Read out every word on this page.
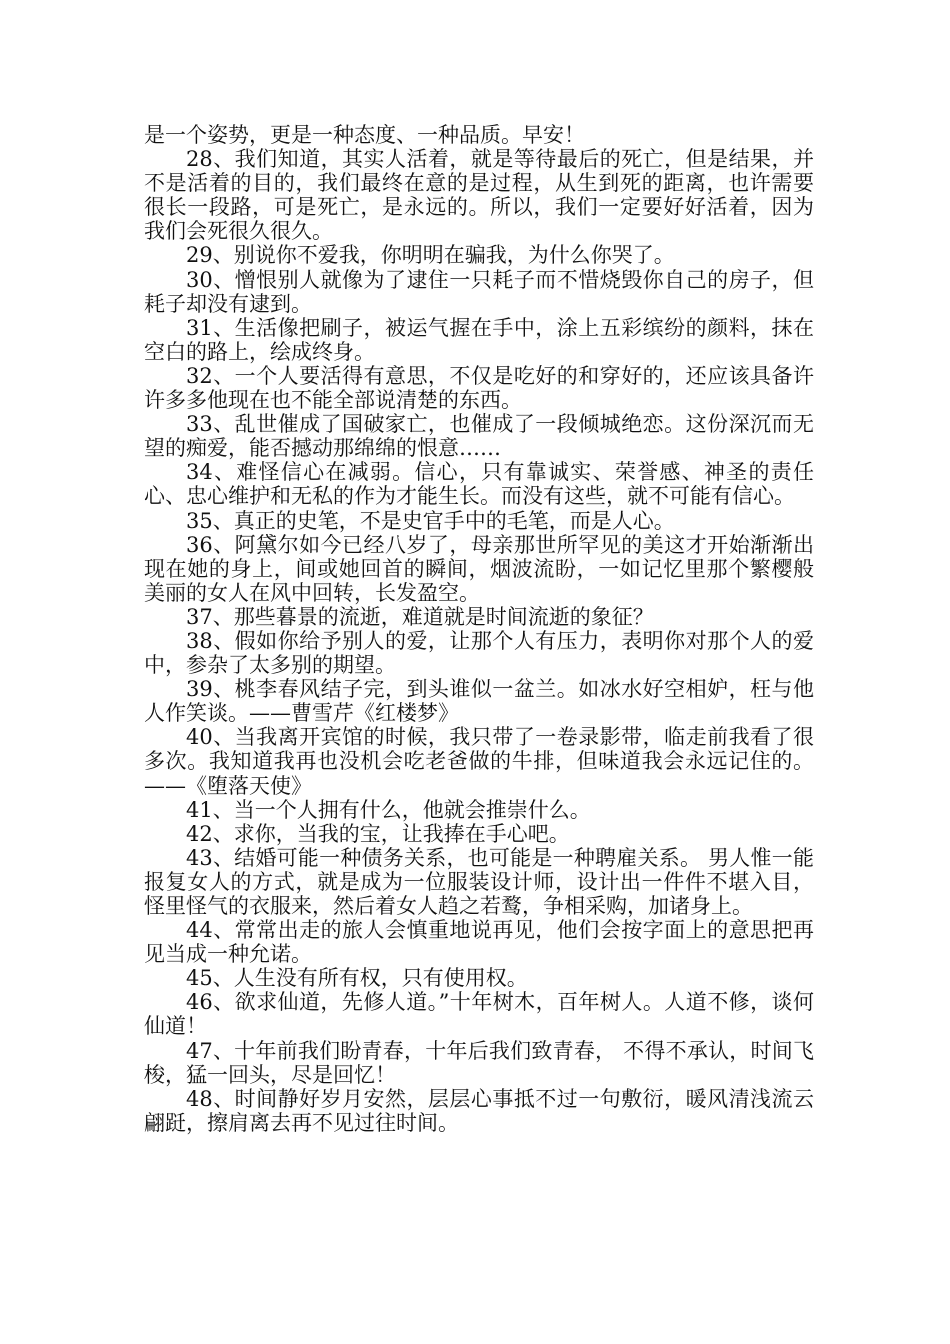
是一个姿势，更是一种态度、一种品质。早安！

28、我们知道，其实人活着，就是等待最后的死亡，但是结果，并不是活着的目的，我们最终在意的是过程，从生到死的距离，也许需要很长一段路，可是死亡，是永远的。所以，我们一定要好好活着，因为我们会死很久很久。

29、别说你不爱我，你明明在骗我，为什么你哭了。

30、憎恨别人就像为了逮住一只耗子而不惜烧毁你自己的房子，但耗子却没有逮到。

31、生活像把刷子，被运气握在手中，涂上五彩缤纷的颜料，抹在空白的路上，绘成终身。

32、一个人要活得有意思，不仅是吃好的和穿好的，还应该具备许许多多他现在也不能全部说清楚的东西。

33、乱世催成了国破家亡，也催成了一段倾城绝恋。这份深沉而无望的痴爱，能否撼动那绵绵的恨意……

34、难怪信心在减弱。信心，只有靠诚实、荣誉感、神圣的责任心、忠心维护和无私的作为才能生长。而没有这些，就不可能有信心。

35、真正的史笔，不是史官手中的毛笔，而是人心。

36、阿黛尔如今已经八岁了，母亲那世所罕见的美这才开始渐渐出现在她的身上，间或她回首的瞬间，烟波流盼，一如记忆里那个繁樱般美丽的女人在风中回转，长发盈空。

37、那些暮景的流逝，难道就是时间流逝的象征？

38、假如你给予别人的爱，让那个人有压力，表明你对那个人的爱中，参杂了太多别的期望。

39、桃李春风结子完，到头谁似一盆兰。如冰水好空相妒，枉与他人作笑谈。——曹雪芹《红楼梦》

40、当我离开宾馆的时候，我只带了一卷录影带，临走前我看了很多次。我知道我再也没机会吃老爸做的牛排，但味道我会永远记住的。——《堕落天使》

41、当一个人拥有什么，他就会推崇什么。

42、求你，当我的宝，让我捧在手心吧。

43、结婚可能一种债务关系，也可能是一种聘雇关系。 男人惟一能报复女人的方式，就是成为一位服装设计师，设计出一件件不堪入目，怪里怪气的衣服来，然后着女人趋之若鹜，争相采购，加诸身上。

44、常常出走的旅人会慎重地说再见，他们会按字面上的意思把再见当成一种允诺。

45、人生没有所有权，只有使用权。

46、欲求仙道，先修人道。”十年树木，百年树人。人道不修，谈何仙道！

47、十年前我们盼青春，十年后我们致青春， 不得不承认，时间飞梭，猛一回头，尽是回忆！

48、时间静好岁月安然，层层心事抵不过一句敷衍，暖风清浅流云翩跹，擦肩离去再不见过往时间。
